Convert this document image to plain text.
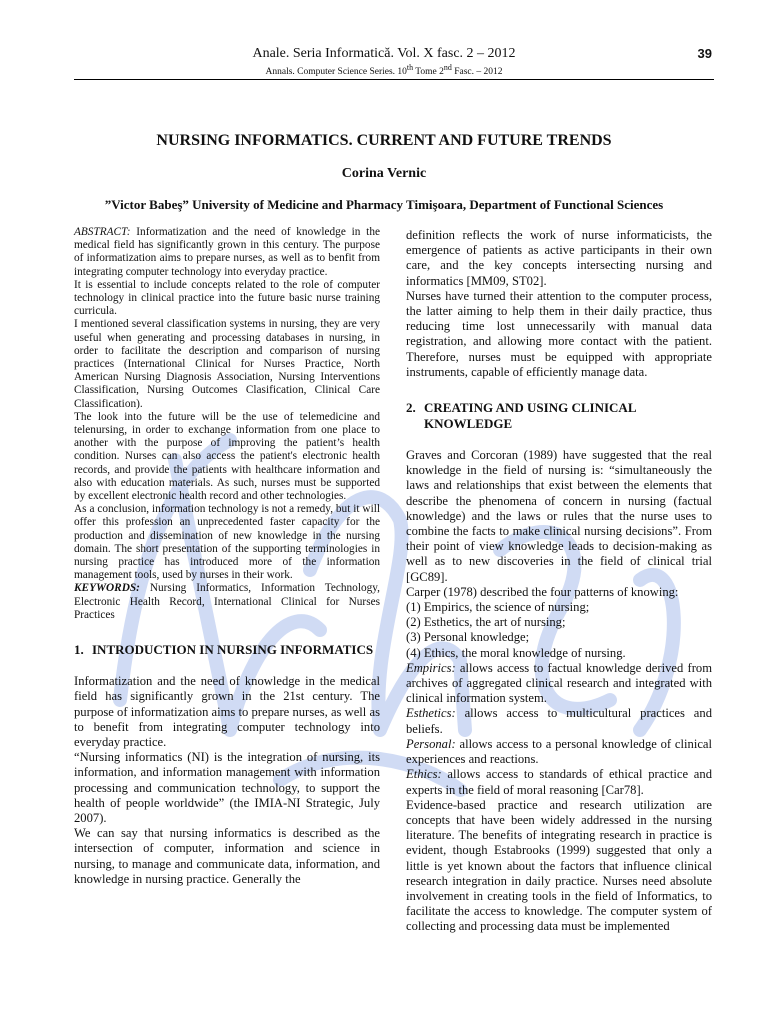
Anale. Seria Informatică. Vol. X fasc. 2 – 2012
Annals. Computer Science Series. 10th Tome 2nd Fasc. – 2012
39
NURSING INFORMATICS. CURRENT AND FUTURE TRENDS
Corina Vernic
”Victor Babeş” University of Medicine and Pharmacy Timişoara, Department of Functional Sciences

ABSTRACT: Informatization and the need of knowledge in the medical field has significantly grown in this century. The purpose of informatization aims to prepare nurses, as well as to benfit from integrating computer technology into everyday practice.

It is essential to include concepts related to the role of computer technology in clinical practice into the future basic nurse training curricula.

I mentioned several classification systems in nursing, they are very useful when generating and processing databases in nursing, in order to facilitate the description and comparison of nursing practices (International Clinical for Nurses Practice, North American Nursing Diagnosis Association, Nursing Interventions Classification, Nursing Outcomes Clasification, Clinical Care Classification).

The look into the future will be the use of telemedicine and telenursing, in order to exchange information from one place to another with the purpose of improving the patient’s health condition. Nurses can also access the patient's electronic health records, and provide the patients with healthcare information and also with education materials. As such, nurses must be supported by excellent electronic health record and other technologies.

As a conclusion, information technology is not a remedy, but it will offer this profession an unprecedented faster capacity for the production and dissemination of new knowledge in the nursing domain. The short presentation of the supporting terminologies in nursing practice has introduced more of the information management tools, used by nurses in their work.

KEYWORDS: Nursing Informatics, Information Technology, Electronic Health Record, International Clinical for Nurses Practices

1. INTRODUCTION IN NURSING INFORMATICS

Informatization and the need of knowledge in the medical field has significantly grown in the 21st century. The purpose of informatization aims to prepare nurses, as well as to benefit from integrating computer technology into everyday practice.

“Nursing informatics (NI) is the integration of nursing, its information, and information management with information processing and communication technology, to support the health of people worldwide” (the IMIA-NI Strategic, July 2007).

We can say that nursing informatics is described as the intersection of computer, information and science in nursing, to manage and communicate data, information, and knowledge in nursing practice. Generally the

definition reflects the work of nurse informaticists, the emergence of patients as active participants in their own care, and the key concepts intersecting nursing and informatics [MM09, ST02].

Nurses have turned their attention to the computer process, the latter aiming to help them in their daily practice, thus reducing time lost unnecessarily with manual data registration, and allowing more contact with the patient. Therefore, nurses must be equipped with appropriate instruments, capable of efficiently manage data.

2. CREATING AND USING CLINICAL KNOWLEDGE

Graves and Corcoran (1989) have suggested that the real knowledge in the field of nursing is: “simultaneously the laws and relationships that exist between the elements that describe the phenomena of concern in nursing (factual knowledge) and the laws or rules that the nurse uses to combine the facts to make clinical nursing decisions”. From their point of view knowledge leads to decision-making as well as to new discoveries in the field of clinical trial [GC89].

Carper (1978) described the four patterns of knowing:

(1) Empirics, the science of nursing;

(2) Esthetics, the art of nursing;

(3) Personal knowledge;

(4) Ethics, the moral knowledge of nursing.

Empirics: allows access to factual knowledge derived from archives of aggregated clinical research and integrated with clinical information system.

Esthetics: allows access to multicultural practices and beliefs.

Personal: allows access to a personal knowledge of clinical experiences and reactions.

Ethics: allows access to standards of ethical practice and experts in the field of moral reasoning [Car78].

Evidence-based practice and research utilization are concepts that have been widely addressed in the nursing literature. The benefits of integrating research in practice is evident, though Estabrooks (1999) suggested that only a little is yet known about the factors that influence clinical research integration in daily practice. Nurses need absolute involvement in creating tools in the field of Informatics, to facilitate the access to knowledge. The computer system of collecting and processing data must be implemented
